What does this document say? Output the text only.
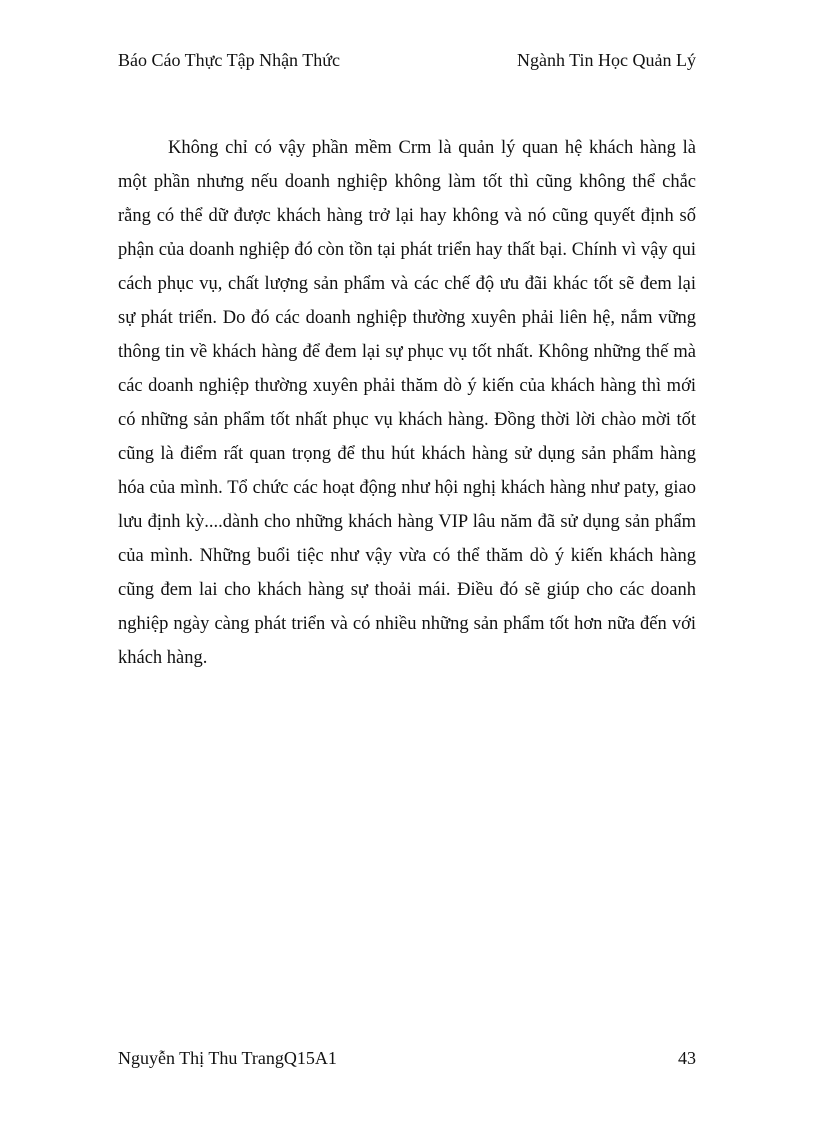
Báo Cáo Thực Tập Nhận Thức	Ngành Tin Học Quản Lý

Không chỉ có vậy phần mềm Crm là quản lý quan hệ khách hàng là một phần nhưng nếu doanh nghiệp không làm tốt thì cũng không thể chắc rằng có thể dữ được khách hàng trở lại hay không và nó cũng quyết định số phận của doanh nghiệp đó còn tồn tại phát triển hay thất bại. Chính vì vậy qui cách phục vụ, chất lượng sản phẩm và các chế độ ưu đãi khác tốt sẽ đem lại sự phát triển. Do đó các doanh nghiệp thường xuyên phải liên hệ, nắm vững thông tin về khách hàng để đem lại sự phục vụ tốt nhất. Không những thế mà các doanh nghiệp thường xuyên phải thăm dò ý kiến của khách hàng thì mới có những sản phẩm tốt nhất phục vụ khách hàng. Đồng thời lời chào mời tốt cũng là điểm rất quan trọng để thu hút khách hàng sử dụng sản phẩm hàng hóa của mình. Tổ chức các hoạt động như hội nghị khách hàng như paty, giao lưu định kỳ....dành cho những khách hàng VIP lâu năm đã sử dụng sản phẩm của mình. Những buổi tiệc như vậy vừa có thể thăm dò ý kiến khách hàng cũng đem lai cho khách hàng sự thoải mái. Điều đó sẽ giúp cho các doanh nghiệp ngày càng phát triển và có nhiều những sản phẩm tốt hơn nữa đến với khách hàng.

Nguyễn Thị Thu TrangQ15A1	43
